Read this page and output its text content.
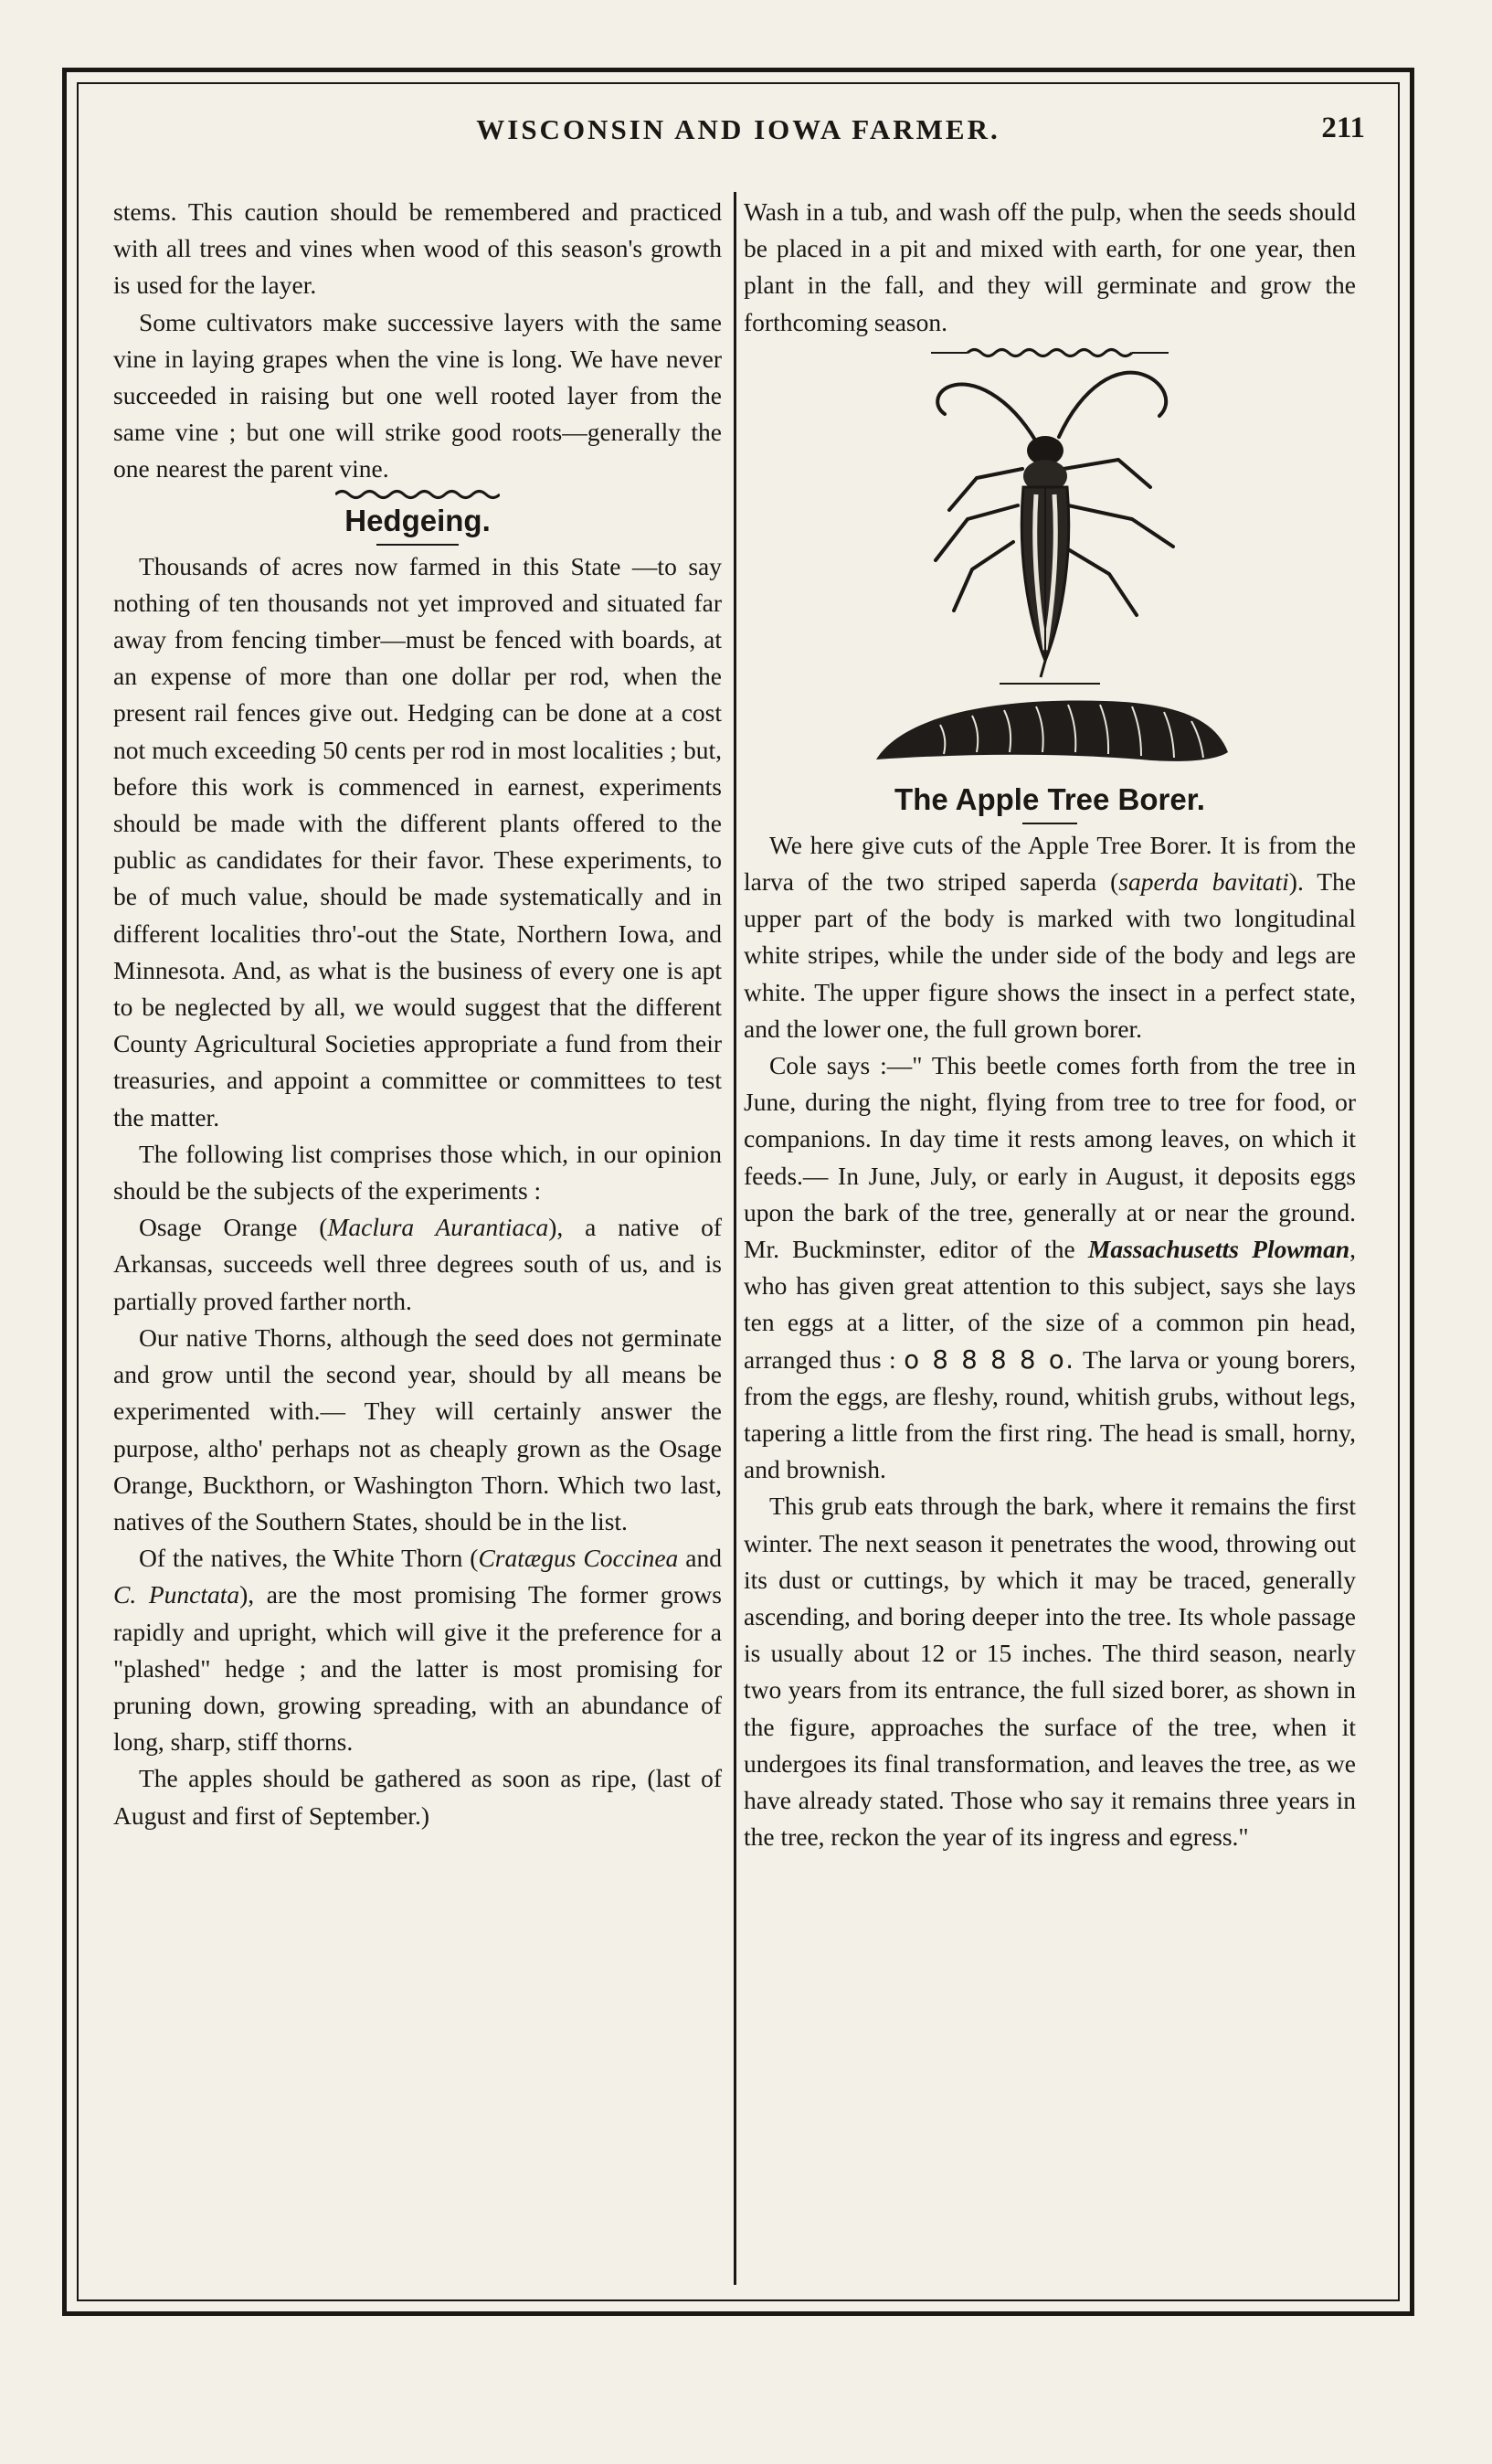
WISCONSIN AND IOWA FARMER.	211

stems. This caution should be remembered and practiced with all trees and vines when wood of this season's growth is used for the layer.

Some cultivators make successive layers with the same vine in laying grapes when the vine is long. We have never succeeded in raising but one well rooted layer from the same vine ; but one will strike good roots—generally the one nearest the parent vine.

Hedgeing.

Thousands of acres now farmed in this State —to say nothing of ten thousands not yet improved and situated far away from fencing timber—must be fenced with boards, at an expense of more than one dollar per rod, when the present rail fences give out. Hedging can be done at a cost not much exceeding 50 cents per rod in most localities ; but, before this work is commenced in earnest, experiments should be made with the different plants offered to the public as candidates for their favor. These experiments, to be of much value, should be made systematically and in different localities thro'-out the State, Northern Iowa, and Minnesota. And, as what is the business of every one is apt to be neglected by all, we would suggest that the different County Agricultural Societies appropriate a fund from their treasuries, and appoint a committee or committees to test the matter.

The following list comprises those which, in our opinion should be the subjects of the experiments :

Osage Orange (Maclura Aurantiaca), a native of Arkansas, succeeds well three degrees south of us, and is partially proved farther north.

Our native Thorns, although the seed does not germinate and grow until the second year, should by all means be experimented with.— They will certainly answer the purpose, altho' perhaps not as cheaply grown as the Osage Orange, Buckthorn, or Washington Thorn. Which two last, natives of the Southern States, should be in the list.

Of the natives, the White Thorn (Cratægus Coccinea and C. Punctata), are the most promising The former grows rapidly and upright, which will give it the preference for a "plashed" hedge ; and the latter is most promising for pruning down, growing spreading, with an abundance of long, sharp, stiff thorns.

The apples should be gathered as soon as ripe, (last of August and first of September.)

Wash in a tub, and wash off the pulp, when the seeds should be placed in a pit and mixed with earth, for one year, then plant in the fall, and they will germinate and grow the forthcoming season.

The Apple Tree Borer.

We here give cuts of the Apple Tree Borer. It is from the larva of the two striped saperda (saperda bavitati). The upper part of the body is marked with two longitudinal white stripes, while the under side of the body and legs are white. The upper figure shows the insect in a perfect state, and the lower one, the full grown borer.

Cole says :—" This beetle comes forth from the tree in June, during the night, flying from tree to tree for food, or companions. In day time it rests among leaves, on which it feeds.— In June, July, or early in August, it deposits eggs upon the bark of the tree, generally at or near the ground. Mr. Buckminster, editor of the Massachusetts Plowman, who has given great attention to this subject, says she lays ten eggs at a litter, of the size of a common pin head, arranged thus : o 8 8 8 8 o. The larva or young borers, from the eggs, are fleshy, round, whitish grubs, without legs, tapering a little from the first ring. The head is small, horny, and brownish.

This grub eats through the bark, where it remains the first winter. The next season it penetrates the wood, throwing out its dust or cuttings, by which it may be traced, generally ascending, and boring deeper into the tree. Its whole passage is usually about 12 or 15 inches. The third season, nearly two years from its entrance, the full sized borer, as shown in the figure, approaches the surface of the tree, when it undergoes its final transformation, and leaves the tree, as we have already stated. Those who say it remains three years in the tree, reckon the year of its ingress and egress."
